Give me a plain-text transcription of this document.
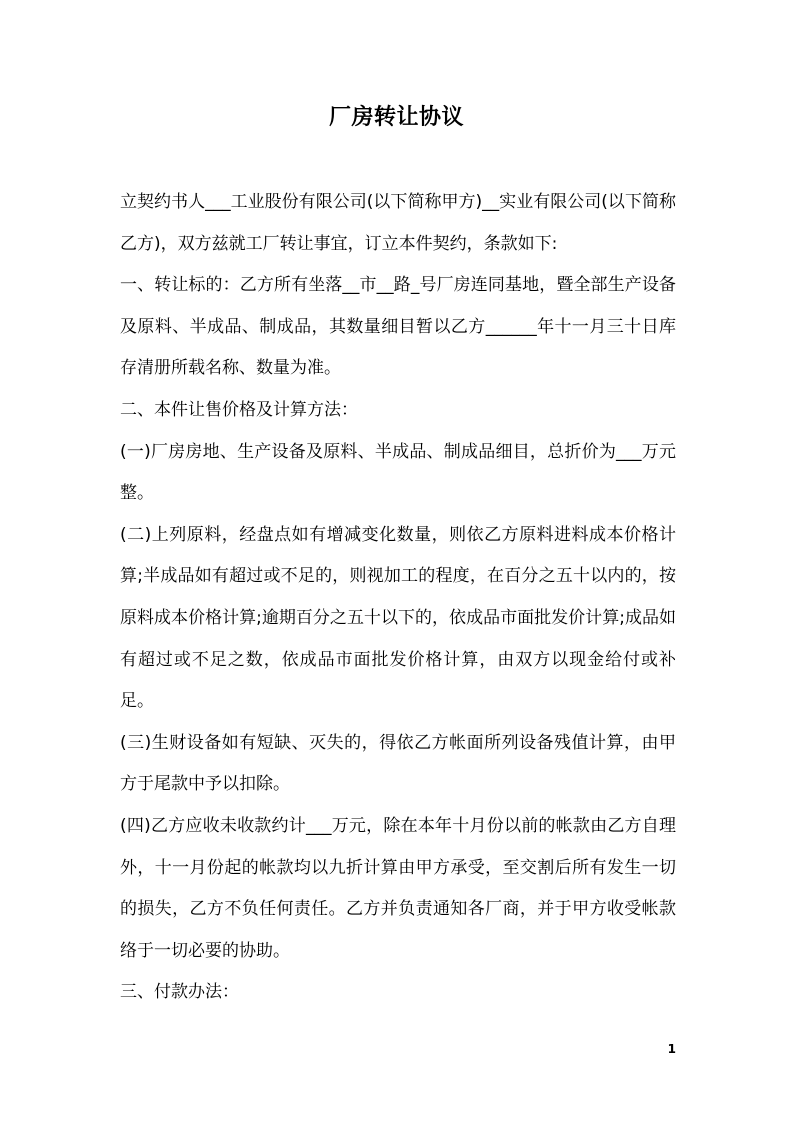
厂房转让协议

立契约书人___工业股份有限公司(以下简称甲方)__实业有限公司(以下简称乙方)，双方兹就工厂转让事宜，订立本件契约，条款如下:

一、转让标的：乙方所有坐落__市__路_号厂房连同基地，暨全部生产设备及原料、半成品、制成品，其数量细目暂以乙方______年十一月三十日库存清册所载名称、数量为准。

二、本件让售价格及计算方法：

(一)厂房房地、生产设备及原料、半成品、制成品细目，总折价为___万元整。

(二)上列原料，经盘点如有增减变化数量，则依乙方原料进料成本价格计算;半成品如有超过或不足的，则视加工的程度，在百分之五十以内的，按原料成本价格计算;逾期百分之五十以下的，依成品市面批发价计算;成品如有超过或不足之数，依成品市面批发价格计算，由双方以现金给付或补足。

(三)生财设备如有短缺、灭失的，得依乙方帐面所列设备残值计算，由甲方于尾款中予以扣除。

(四)乙方应收未收款约计___万元，除在本年十月份以前的帐款由乙方自理外，十一月份起的帐款均以九折计算由甲方承受，至交割后所有发生一切的损失，乙方不负任何责任。乙方并负责通知各厂商，并于甲方收受帐款络于一切必要的协助。

三、付款办法：

1
